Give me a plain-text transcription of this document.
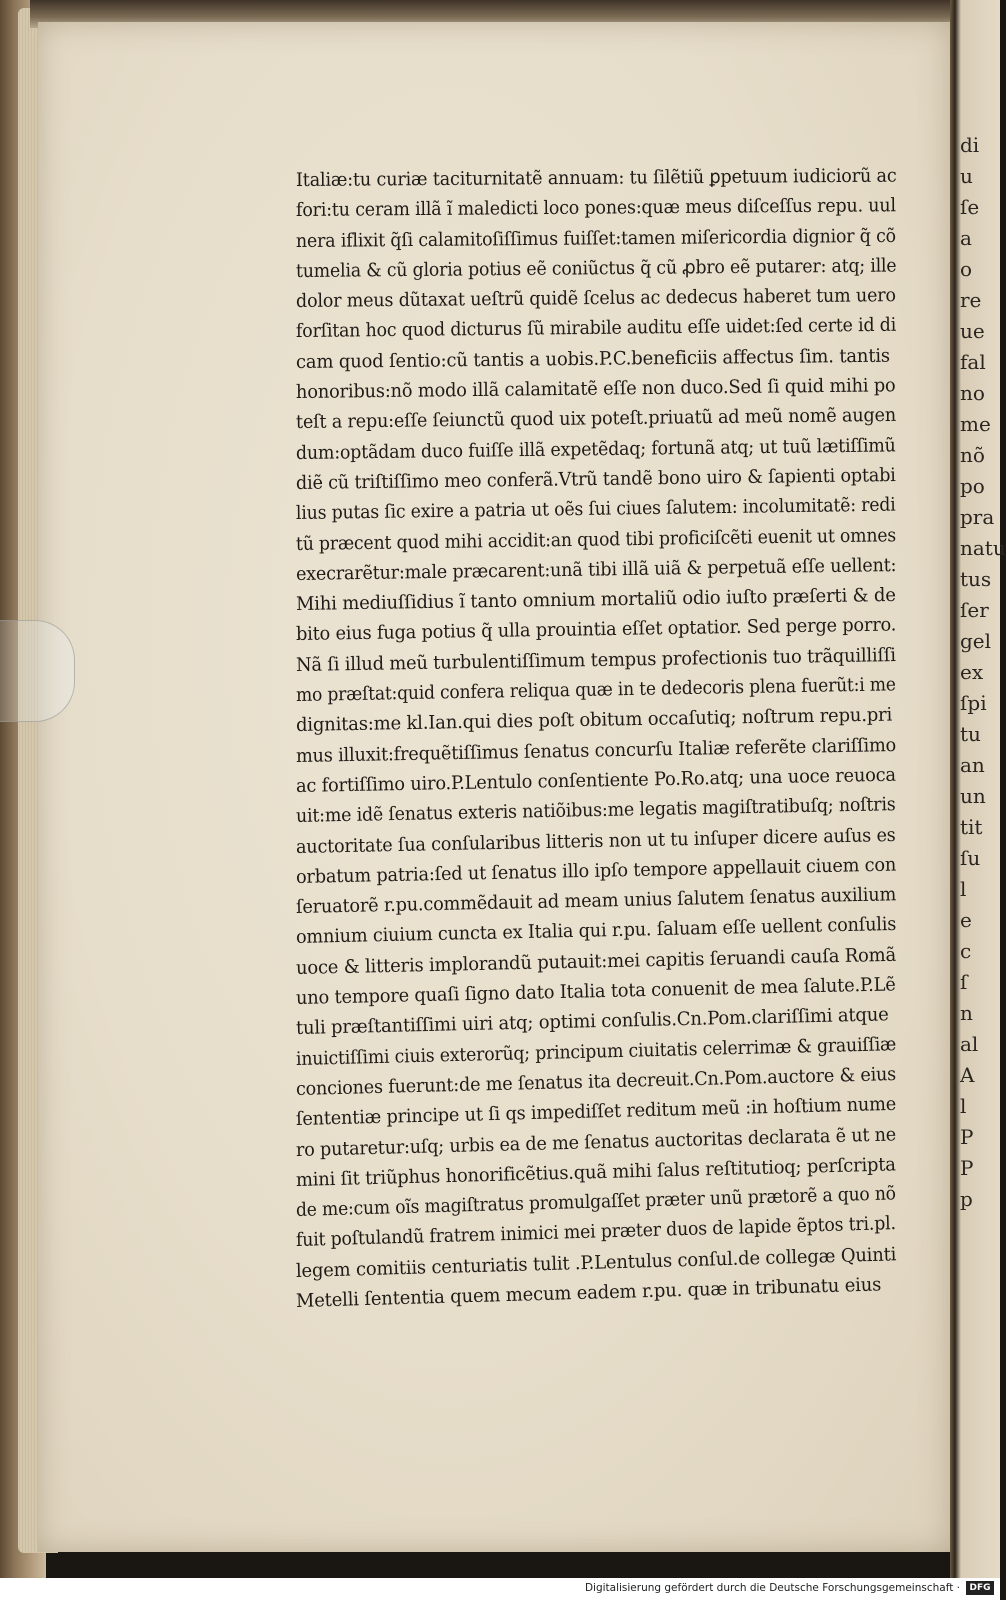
di
u
ſe
a
o
re
ue
fal
no
me
nõ
po
pra
natu
tus
ſer
gel
ex
ſpi
tu
an
un
tit
ſu
l
e
c
ſ
n
al
A
l
P
P
p
Italiæ:tu curiæ taciturnitatẽ annuam: tu ſilẽtiũ ꝑpetuum iudiciorũ ac
fori:tu ceram illã ĩ maledicti loco pones:quæ meus diſceſſus repu. uul
nera iflixit q̃ſi calamitoſiſſimus fuiſſet:tamen miſericordia dignior q̃ cõ
tumelia & cũ gloria potius eẽ coniũctus q̃ cũ ꝓbro eẽ putarer: atq; ille
dolor meus dũtaxat ueſtrũ quidẽ ſcelus ac dedecus haberet tum uero
forſitan hoc quod dicturus ſũ mirabile auditu eſſe uidet:ſed certe id di
cam quod ſentio:cũ tantis a uobis.P.C.beneficiis affectus ſim. tantis
honoribus:nõ modo illã calamitatẽ eſſe non duco.Sed ſi quid mihi po
teſt a repu:eſſe ſeiunctũ quod uix poteſt.priuatũ ad meũ nomẽ augen
dum:optãdam duco fuiſſe illã expetẽdaq; fortunã atq; ut tuũ lætiſſimũ
diẽ cũ triſtiſſimo meo conferã.Vtrũ tandẽ bono uiro & ſapienti optabi
lius putas ſic exire a patria ut oẽs ſui ciues ſalutem: incolumitatẽ: redi
tũ præcent quod mihi accidit:an quod tibi proficiſcẽti euenit ut omnes
execrarẽtur:male præcarent:unã tibi illã uiã & perpetuã eſſe uellent:
Mihi mediuſſidius ĩ tanto omnium mortaliũ odio iuſto præſerti & de
bito eius fuga potius q̃ ulla prouintia eſſet optatior. Sed perge porro.
Nã ſi illud meũ turbulentiſſimum tempus profectionis tuo trãquilliſſi
mo præſtat:quid confera reliqua quæ in te dedecoris plena fuerũt:i me
dignitas:me kl.Ian.qui dies poſt obitum occaſutiq; noſtrum repu.pri
mus illuxit:frequẽtiſſimus ſenatus concurſu Italiæ referẽte clariſſimo
ac fortiſſimo uiro.P.Lentulo conſentiente Po.Ro.atq; una uoce reuoca
uit:me idẽ ſenatus exteris natiõibus:me legatis magiſtratibuſq; noſtris
auctoritate ſua conſularibus litteris non ut tu inſuper dicere auſus es
orbatum patria:ſed ut ſenatus illo ipſo tempore appellauit ciuem con
ſeruatorẽ r.pu.commẽdauit ad meam unius ſalutem ſenatus auxilium
omnium ciuium cuncta ex Italia qui r.pu. ſaluam eſſe uellent conſulis
uoce & litteris implorandũ putauit:mei capitis ſeruandi cauſa Romã
uno tempore quaſi ſigno dato Italia tota conuenit de mea ſalute.P.Lẽ
tuli præſtantiſſimi uiri atq; optimi conſulis.Cn.Pom.clariſſimi atque
inuictiſſimi ciuis exterorũq; principum ciuitatis celerrimæ & grauiſſiæ
conciones fuerunt:de me ſenatus ita decreuit.Cn.Pom.auctore & eius
ſententiæ principe ut ſi qs impediſſet reditum meũ :in hoſtium nume
ro putaretur:uſq; urbis ea de me ſenatus auctoritas declarata ẽ ut ne
mini ſit triũphus honorificẽtius.quã mihi ſalus reſtitutioq; perſcripta
de me:cum oĩs magiſtratus promulgaſſet præter unũ prætorẽ a quo nõ
fuit poſtulandũ fratrem inimici mei præter duos de lapide ẽptos tri.pl.
legem comitiis centuriatis tulit .P.Lentulus conſul.de collegæ Quinti
Metelli ſententia quem mecum eadem r.pu. quæ in tribunatu eius
Digitalisierung gefördert durch die Deutsche Forschungsgemeinschaft ·	DFG
